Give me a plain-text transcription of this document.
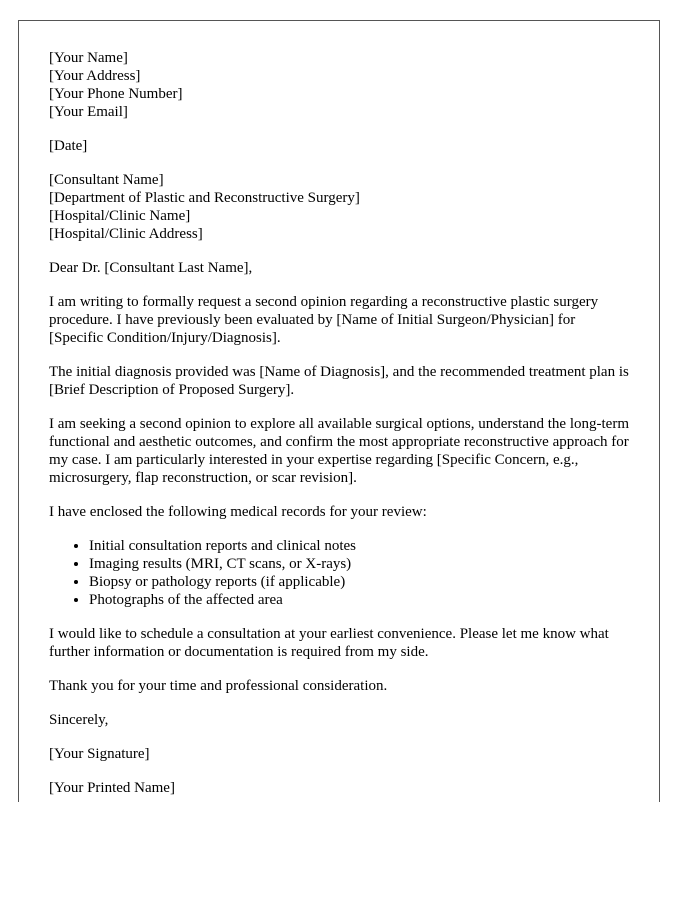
[Your Name]
[Your Address]
[Your Phone Number]
[Your Email]
[Date]
[Consultant Name]
[Department of Plastic and Reconstructive Surgery]
[Hospital/Clinic Name]
[Hospital/Clinic Address]

Dear Dr. [Consultant Last Name],

I am writing to formally request a second opinion regarding a reconstructive plastic surgery procedure. I have previously been evaluated by [Name of Initial Surgeon/Physician] for [Specific Condition/Injury/Diagnosis].

The initial diagnosis provided was [Name of Diagnosis], and the recommended treatment plan is [Brief Description of Proposed Surgery].

I am seeking a second opinion to explore all available surgical options, understand the long-term functional and aesthetic outcomes, and confirm the most appropriate reconstructive approach for my case. I am particularly interested in your expertise regarding [Specific Concern, e.g., microsurgery, flap reconstruction, or scar revision].

I have enclosed the following medical records for your review:

• Initial consultation reports and clinical notes
• Imaging results (MRI, CT scans, or X-rays)
• Biopsy or pathology reports (if applicable)
• Photographs of the affected area

I would like to schedule a consultation at your earliest convenience. Please let me know what further information or documentation is required from my side.

Thank you for your time and professional consideration.

Sincerely,

[Your Signature]

[Your Printed Name]
